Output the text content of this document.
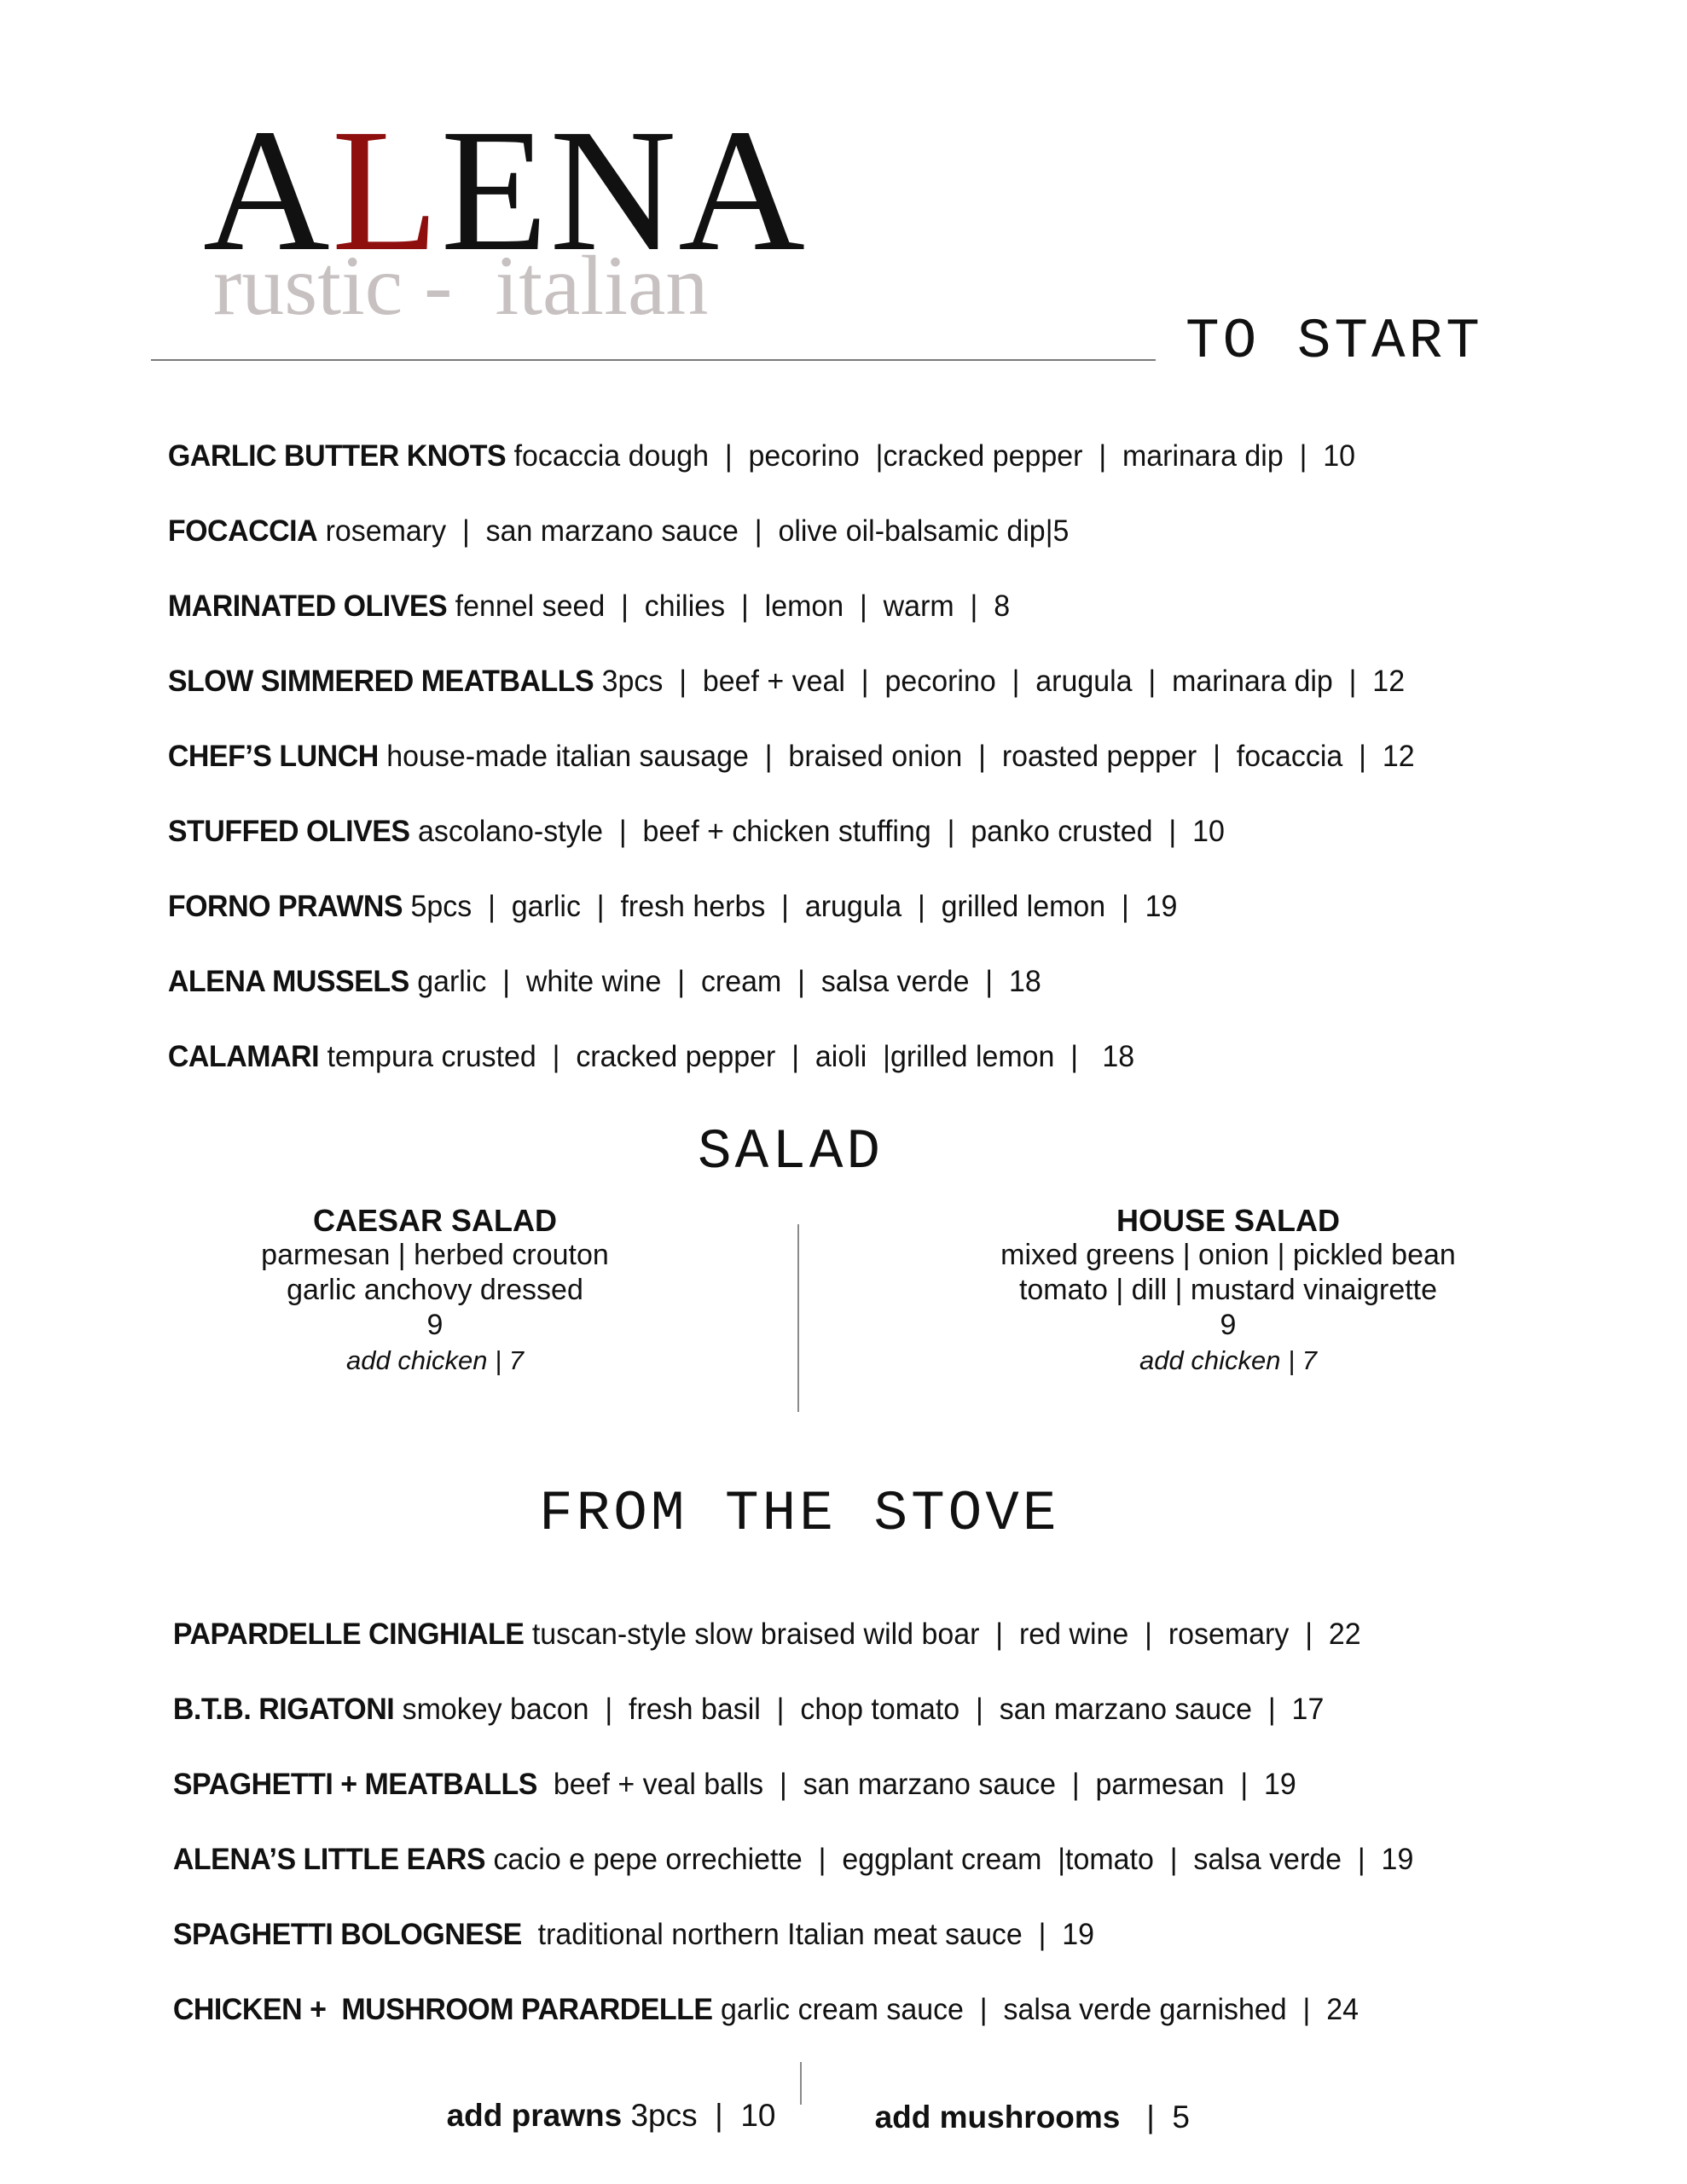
ALENA
rustic -  italian
TO START

GARLIC BUTTER KNOTS focaccia dough  |  pecorino  |cracked pepper  |  marinara dip  |  10

FOCACCIA rosemary  |  san marzano sauce  |  olive oil-balsamic dip|5

MARINATED OLIVES fennel seed  |  chilies  |  lemon  |  warm  |  8

SLOW SIMMERED MEATBALLS 3pcs  |  beef + veal  |  pecorino  |  arugula  |  marinara dip  |  12

CHEF’S LUNCH house-made italian sausage  |  braised onion  |  roasted pepper  |  focaccia  |  12

STUFFED OLIVES ascolano-style  |  beef + chicken stuffing  |  panko crusted  |  10

FORNO PRAWNS 5pcs  |  garlic  |  fresh herbs  |  arugula  |  grilled lemon  |  19

ALENA MUSSELS garlic  |  white wine  |  cream  |  salsa verde  |  18

CALAMARI tempura crusted  |  cracked pepper  |  aioli  |grilled lemon  |   18

SALAD
CAESAR SALAD
parmesan | herbed crouton
garlic anchovy dressed
9
add chicken | 7
HOUSE SALAD
mixed greens | onion | pickled bean
tomato | dill | mustard vinaigrette
9
add chicken | 7
FROM THE STOVE

PAPARDELLE CINGHIALE tuscan-style slow braised wild boar  |  red wine  |  rosemary  |  22

B.T.B. RIGATONI smokey bacon  |  fresh basil  |  chop tomato  |  san marzano sauce  |  17

SPAGHETTI + MEATBALLS  beef + veal balls  |  san marzano sauce  |  parmesan  |  19

ALENA’S LITTLE EARS cacio e pepe orrechiette  |  eggplant cream  |tomato  |  salsa verde  |  19

SPAGHETTI BOLOGNESE  traditional northern Italian meat sauce  |  19

CHICKEN +  MUSHROOM PARARDELLE garlic cream sauce  |  salsa verde garnished  |  24

add prawns 3pcs  |  10	add mushrooms   |  5
